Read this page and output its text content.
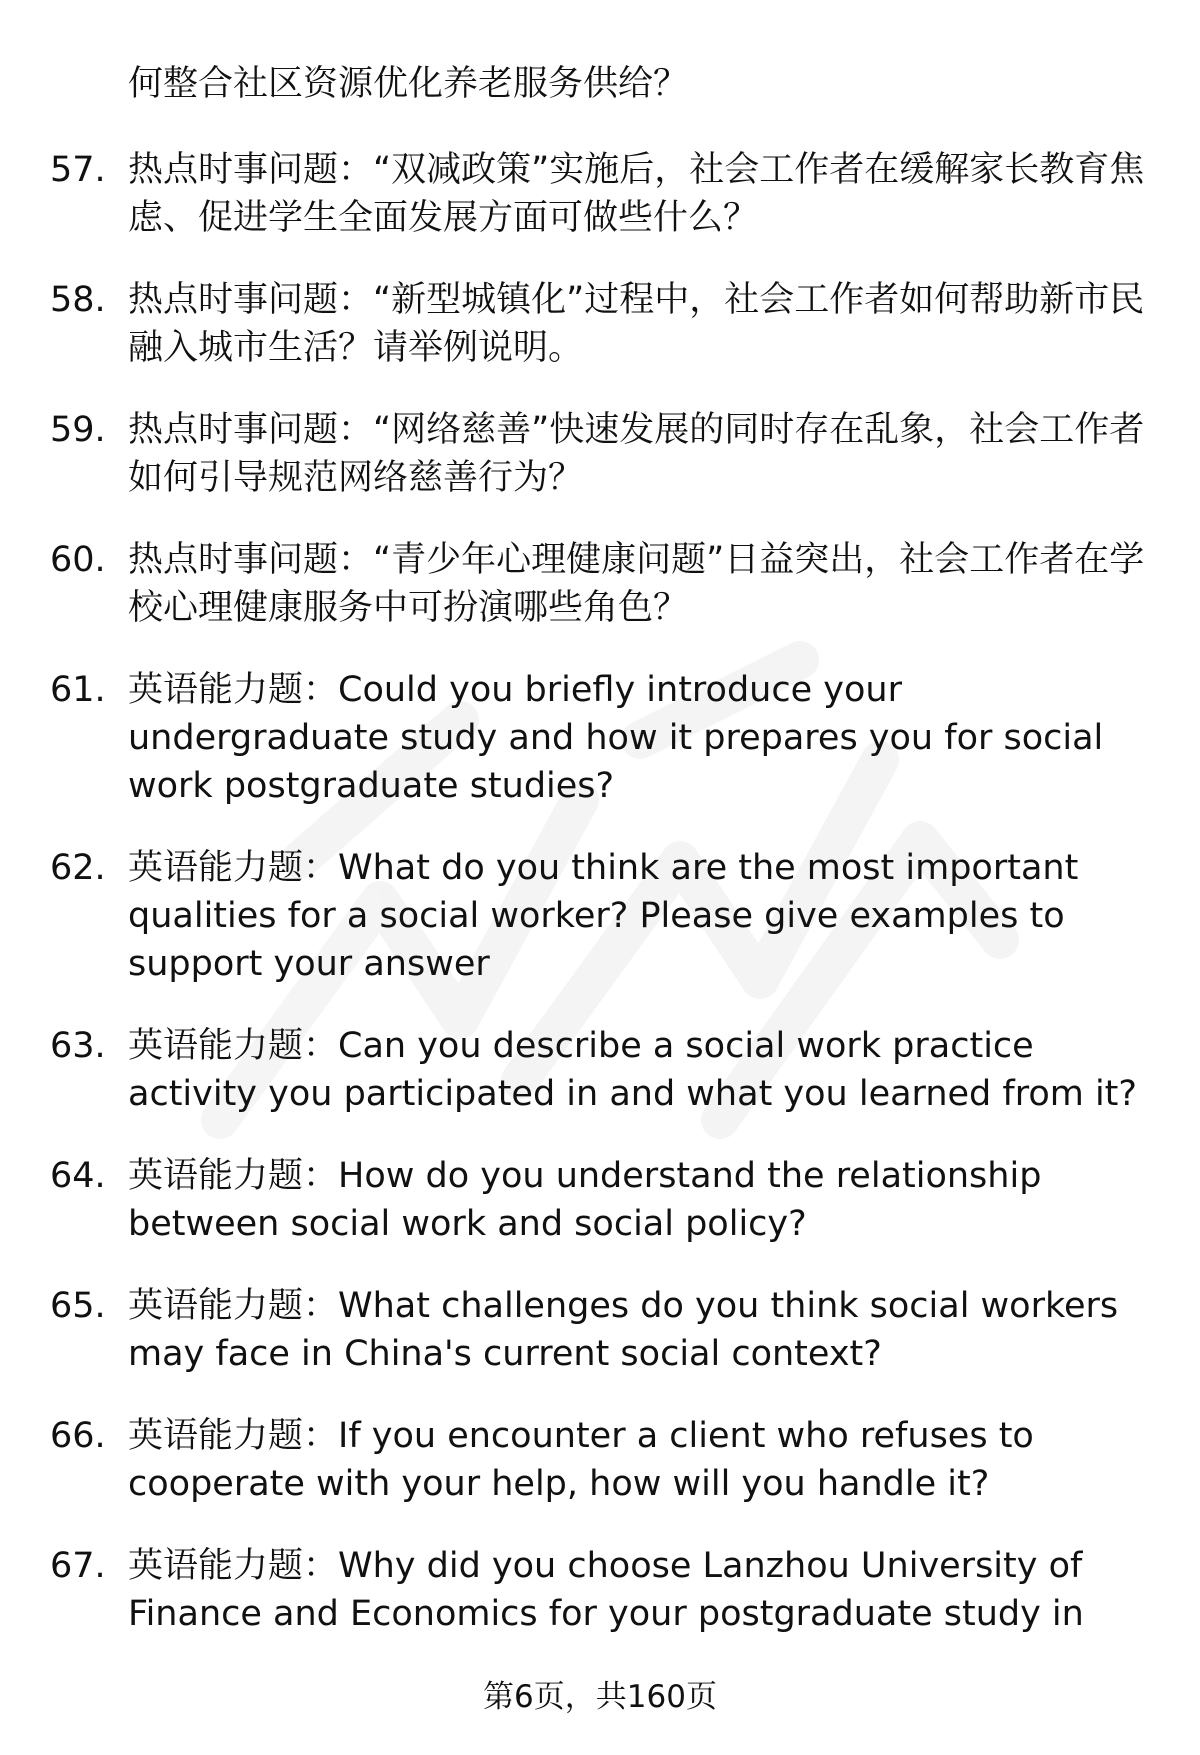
何整合社区资源优化养老服务供给？

57. 热点时事问题：“双减政策”实施后，社会工作者在缓解家长教育焦虑、促进学生全面发展方面可做些什么？
58. 热点时事问题：“新型城镇化”过程中，社会工作者如何帮助新市民融入城市生活？请举例说明。
59. 热点时事问题：“网络慈善”快速发展的同时存在乱象，社会工作者如何引导规范网络慈善行为？
60. 热点时事问题：“青少年心理健康问题”日益突出，社会工作者在学校心理健康服务中可扮演哪些角色？
61. 英语能力题：Could you briefly introduce your undergraduate study and how it prepares you for social work postgraduate studies?
62. 英语能力题：What do you think are the most important qualities for a social worker? Please give examples to support your answer
63. 英语能力题：Can you describe a social work practice activity you participated in and what you learned from it?
64. 英语能力题：How do you understand the relationship between social work and social policy?
65. 英语能力题：What challenges do you think social workers may face in China's current social context?
66. 英语能力题：If you encounter a client who refuses to cooperate with your help, how will you handle it?
67. 英语能力题：Why did you choose Lanzhou University of Finance and Economics for your postgraduate study in
第6页，共160页
